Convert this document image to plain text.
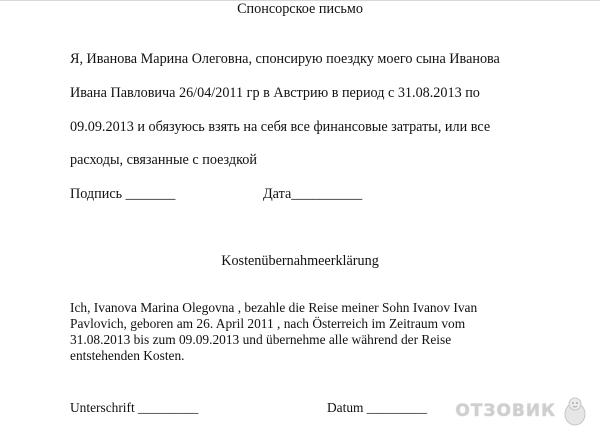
Спонсорское письмо
Я, Иванова Марина Олеговна, спонсирую поездку моего сына Иванова
Ивана Павловича 26/04/2011 гр в Австрию в период с 31.08.2013 по
09.09.2013 и обязуюсь взять на себя все финансовые затраты, или все
расходы, связанные с поездкой
Подпись _______	Дата__________
Kostenübernahmeerklärung
Ich, Ivanova Marina Olegovna , bezahle die Reise meiner Sohn Ivanov Ivan
Pavlovich, geboren am 26. April 2011 , nach Österreich im Zeitraum vom
31.08.2013 bis zum 09.09.2013 und übernehme alle während der Reise
entstehenden Kosten.
Unterschrift _________	Datum _________ ОТЗОВИК
